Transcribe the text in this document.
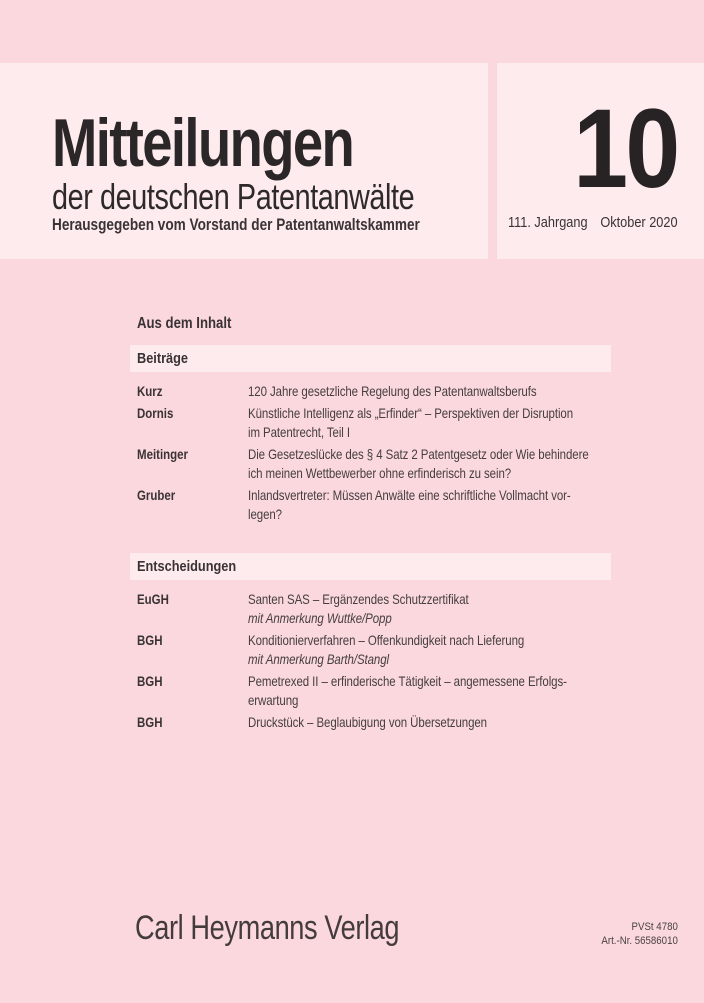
Mitteilungen
der deutschen Patentanwälte
Herausgegeben vom Vorstand der Patentanwaltskammer
10
111. Jahrgang Oktober 2020
Aus dem Inhalt
Beiträge
Kurz	120 Jahre gesetzliche Regelung des Patentanwaltsberufs
Dornis	Künstliche Intelligenz als „Erfinder“ – Perspektiven der Disruption
im Patentrecht, Teil I
Meitinger	Die Gesetzeslücke des § 4 Satz 2 Patentgesetz oder Wie behindere
ich meinen Wettbewerber ohne erfinderisch zu sein?
Gruber	Inlandsvertreter: Müssen Anwälte eine schriftliche Vollmacht vor-
legen?
Entscheidungen
EuGH	Santen SAS – Ergänzendes Schutzzertifikat
mit Anmerkung Wuttke/Popp
BGH	Konditionierverfahren – Offenkundigkeit nach Lieferung
mit Anmerkung Barth/Stangl
BGH	Pemetrexed II – erfinderische Tätigkeit – angemessene Erfolgs-
erwartung
BGH	Druckstück – Beglaubigung von Übersetzungen
Carl Heymanns Verlag	PVSt 4780
Art.-Nr. 56586010
